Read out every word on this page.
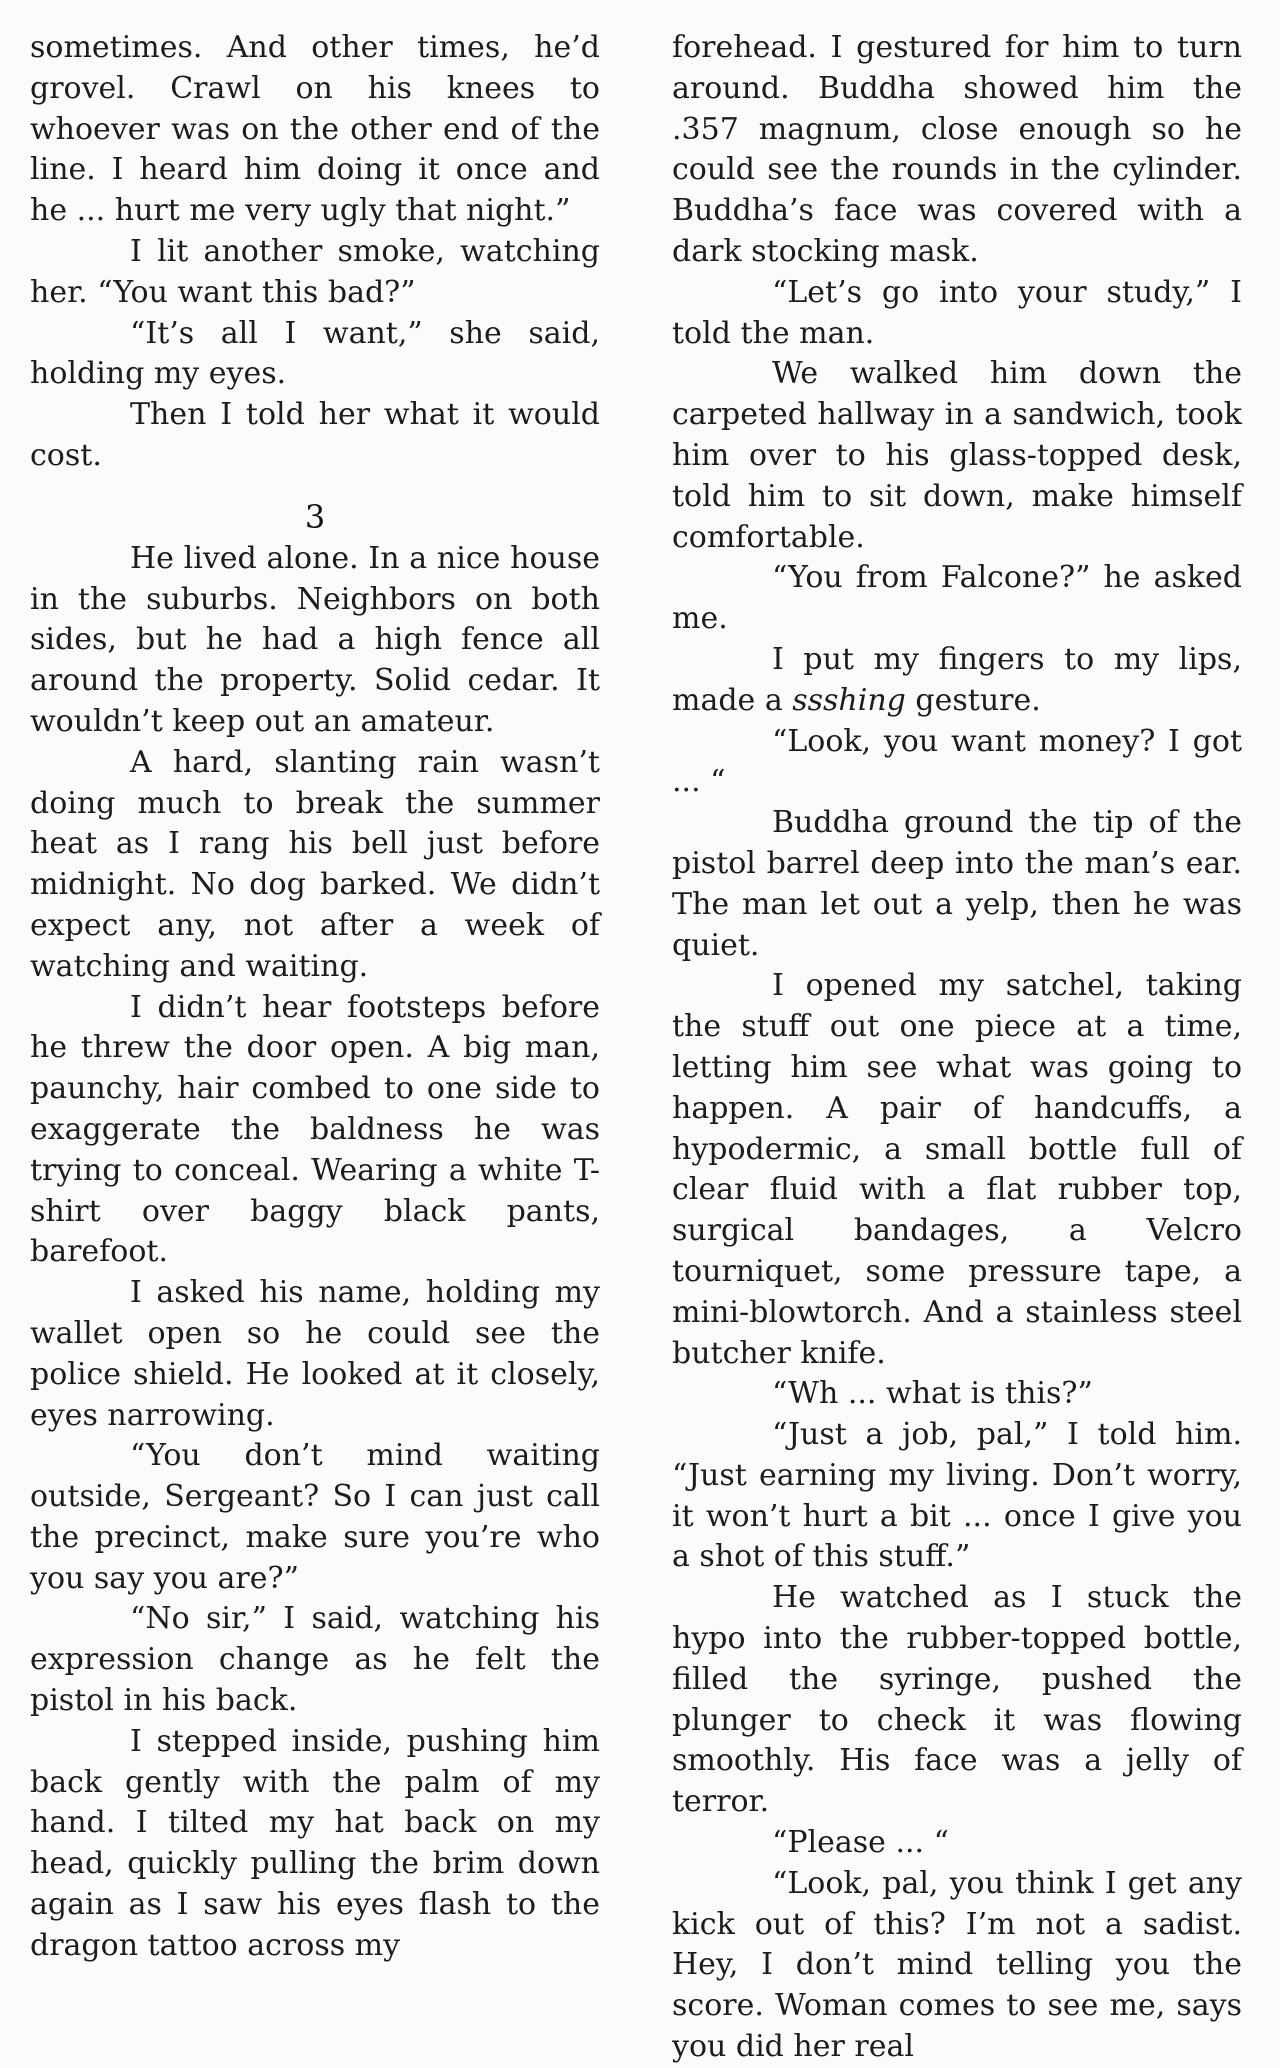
sometimes. And other times, he’d grovel. Crawl on his knees to whoever was on the other end of the line. I heard him doing it once and he ... hurt me very ugly that night.”

I lit another smoke, watching her. “You want this bad?”

“It’s all I want,” she said, holding my eyes.

Then I told her what it would cost.

3

He lived alone. In a nice house in the suburbs. Neighbors on both sides, but he had a high fence all around the property. Solid cedar. It wouldn’t keep out an amateur.

A hard, slanting rain wasn’t doing much to break the summer heat as I rang his bell just before midnight. No dog barked. We didn’t expect any, not after a week of watching and waiting.

I didn’t hear footsteps before he threw the door open. A big man, paunchy, hair combed to one side to exaggerate the baldness he was trying to conceal. Wearing a white T-shirt over baggy black pants, barefoot.

I asked his name, holding my wallet open so he could see the police shield. He looked at it closely, eyes narrowing.

“You don’t mind waiting outside, Sergeant? So I can just call the precinct, make sure you’re who you say you are?”

“No sir,” I said, watching his expression change as he felt the pistol in his back.

I stepped inside, pushing him back gently with the palm of my hand. I tilted my hat back on my head, quickly pulling the brim down again as I saw his eyes flash to the dragon tattoo across my

forehead. I gestured for him to turn around. Buddha showed him the .357 magnum, close enough so he could see the rounds in the cylinder. Buddha’s face was covered with a dark stocking mask.

“Let’s go into your study,” I told the man.

We walked him down the carpeted hallway in a sandwich, took him over to his glass-topped desk, told him to sit down, make himself comfortable.

“You from Falcone?” he asked me.

I put my fingers to my lips, made a ssshing gesture.

“Look, you want money? I got ... “

Buddha ground the tip of the pistol barrel deep into the man’s ear. The man let out a yelp, then he was quiet.

I opened my satchel, taking the stuff out one piece at a time, letting him see what was going to happen. A pair of handcuffs, a hypodermic, a small bottle full of clear fluid with a flat rubber top, surgical bandages, a Velcro tourniquet, some pressure tape, a mini-blowtorch. And a stainless steel butcher knife.

“Wh ... what is this?”

“Just a job, pal,” I told him. “Just earning my living. Don’t worry, it won’t hurt a bit ... once I give you a shot of this stuff.”

He watched as I stuck the hypo into the rubber-topped bottle, filled the syringe, pushed the plunger to check it was flowing smoothly. His face was a jelly of terror.

“Please ... “

“Look, pal, you think I get any kick out of this? I’m not a sadist. Hey, I don’t mind telling you the score. Woman comes to see me, says you did her real
